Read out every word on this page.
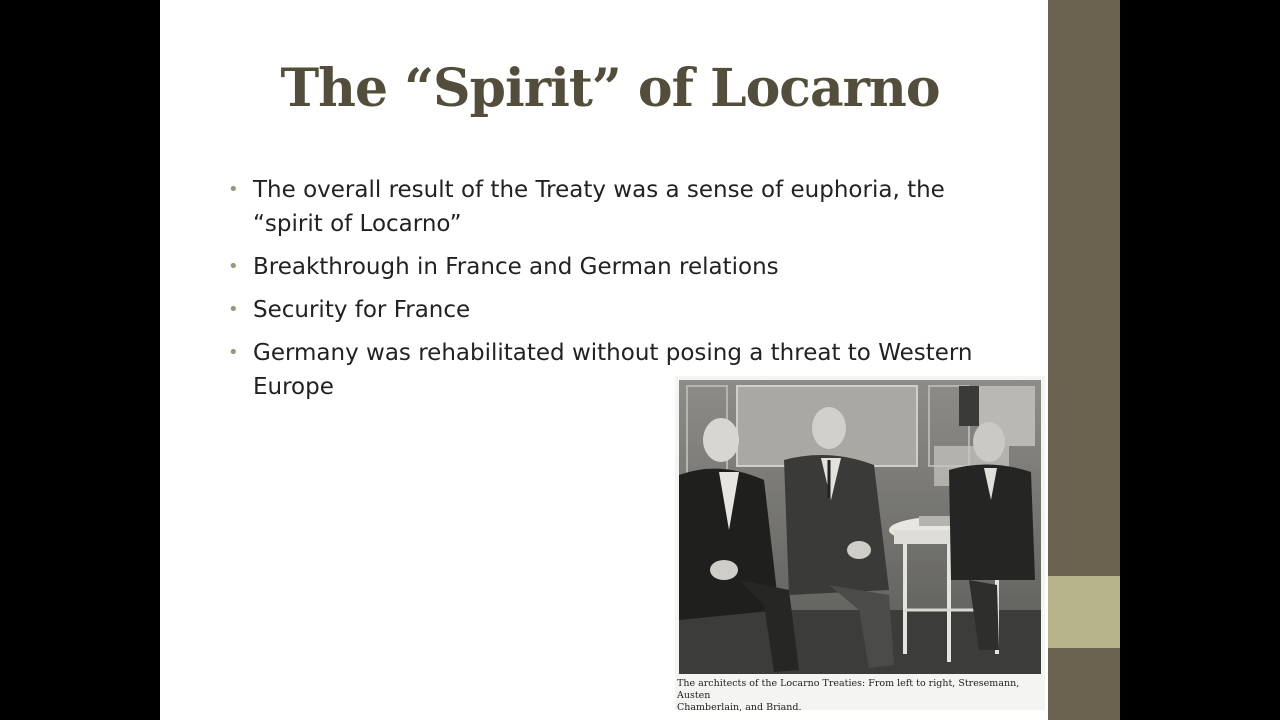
The “Spirit” of Locarno
• The overall result of the Treaty was a sense of euphoria, the “spirit of Locarno”
• Breakthrough in France and German relations
• Security for France
• Germany was rehabilitated without posing a threat to Western Europe
The architects of the Locarno Treaties: From left to right, Stresemann, Austen
Chamberlain, and Briand.
